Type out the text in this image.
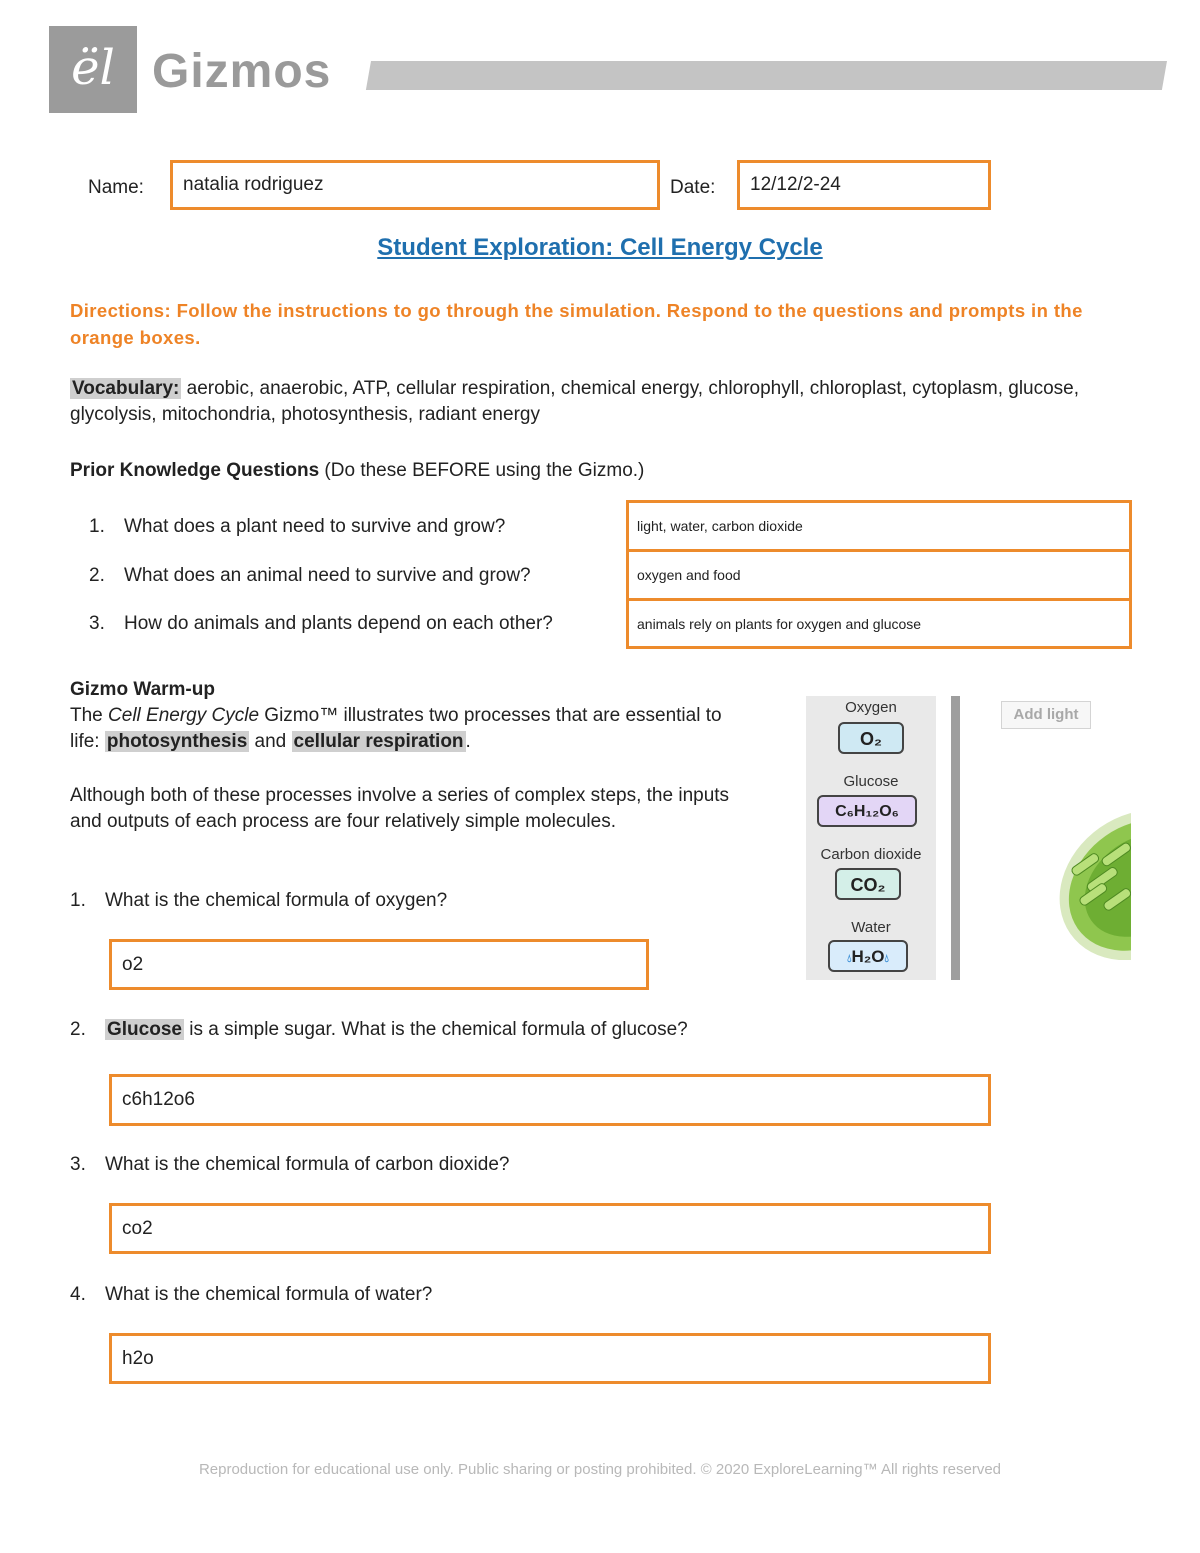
ël Gizmos
Name: natalia rodriguez	Date: 12/12/2-24
Student Exploration: Cell Energy Cycle
Directions: Follow the instructions to go through the simulation. Respond to the questions and prompts in the orange boxes.
Vocabulary: aerobic, anaerobic, ATP, cellular respiration, chemical energy, chlorophyll, chloroplast, cytoplasm, glucose, glycolysis, mitochondria, photosynthesis, radiant energy
Prior Knowledge Questions (Do these BEFORE using the Gizmo.)
1. What does a plant need to survive and grow?
2. What does an animal need to survive and grow?
3. How do animals and plants depend on each other?
light, water, carbon dioxide
oxygen and food
animals rely on plants for oxygen and glucose
Gizmo Warm-up
The Cell Energy Cycle Gizmo™ illustrates two processes that are essential to life: photosynthesis and cellular respiration .
Although both of these processes involve a series of complex steps, the inputs and outputs of each process are four relatively simple molecules.
1. What is the chemical formula of oxygen?
o2
2. Glucose is a simple sugar. What is the chemical formula of glucose?
c6h12o6
3. What is the chemical formula of carbon dioxide?
co2
4. What is the chemical formula of water?
h2o
Oxygen
O₂
Glucose
C₆H₁₂O₆
Carbon dioxide
CO₂
Water
💧︎H₂O💧︎
Add light
Reproduction for educational use only. Public sharing or posting prohibited. © 2020 ExploreLearning™ All rights reserved
